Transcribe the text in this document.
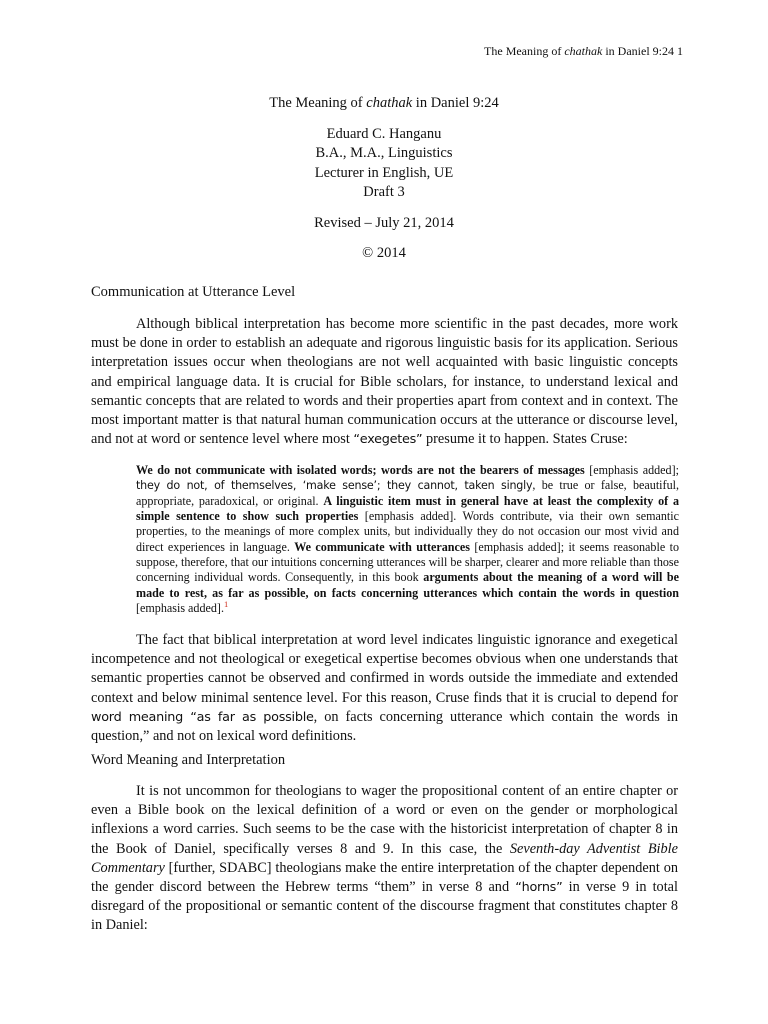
The Meaning of chathak in Daniel 9:24 1

The Meaning of chathak in Daniel 9:24

Eduard C. Hanganu

B.A., M.A., Linguistics

Lecturer in English, UE

Draft 3

Revised – July 21, 2014

© 2014

Communication at Utterance Level

Although biblical interpretation has become more scientific in the past decades, more work must be done in order to establish an adequate and rigorous linguistic basis for its application. Serious interpretation issues occur when theologians are not well acquainted with basic linguistic concepts and empirical language data. It is crucial for Bible scholars, for instance, to understand lexical and semantic concepts that are related to words and their properties apart from context and in context. The most important matter is that natural human communication occurs at the utterance or discourse level, and not at word or sentence level where most “exegetes” presume it to happen. States Cruse:

We do not communicate with isolated words; words are not the bearers of messages [emphasis added]; they do not, of themselves, ‘make sense’; they cannot, taken singly, be true or false, beautiful, appropriate, paradoxical, or original. A linguistic item must in general have at least the complexity of a simple sentence to show such properties [emphasis added]. Words contribute, via their own semantic properties, to the meanings of more complex units, but individually they do not occasion our most vivid and direct experiences in language. We communicate with utterances [emphasis added]; it seems reasonable to suppose, therefore, that our intuitions concerning utterances will be sharper, clearer and more reliable than those concerning individual words. Consequently, in this book arguments about the meaning of a word will be made to rest, as far as possible, on facts concerning utterances which contain the words in question [emphasis added].$^1$

The fact that biblical interpretation at word level indicates linguistic ignorance and exegetical incompetence and not theological or exegetical expertise becomes obvious when one understands that semantic properties cannot be observed and confirmed in words outside the immediate and extended context and below minimal sentence level. For this reason, Cruse finds that it is crucial to depend for word meaning “as far as possible, on facts concerning utterance which contain the words in question,” and not on lexical word definitions.

Word Meaning and Interpretation

It is not uncommon for theologians to wager the propositional content of an entire chapter or even a Bible book on the lexical definition of a word or even on the gender or morphological inflexions a word carries. Such seems to be the case with the historicist interpretation of chapter 8 in the Book of Daniel, specifically verses 8 and 9. In this case, the Seventh-day Adventist Bible Commentary [further, SDABC] theologians make the entire interpretation of the chapter dependent on the gender discord between the Hebrew terms “them” in verse 8 and “horns” in verse 9 in total disregard of the propositional or semantic content of the discourse fragment that constitutes chapter 8 in Daniel:
